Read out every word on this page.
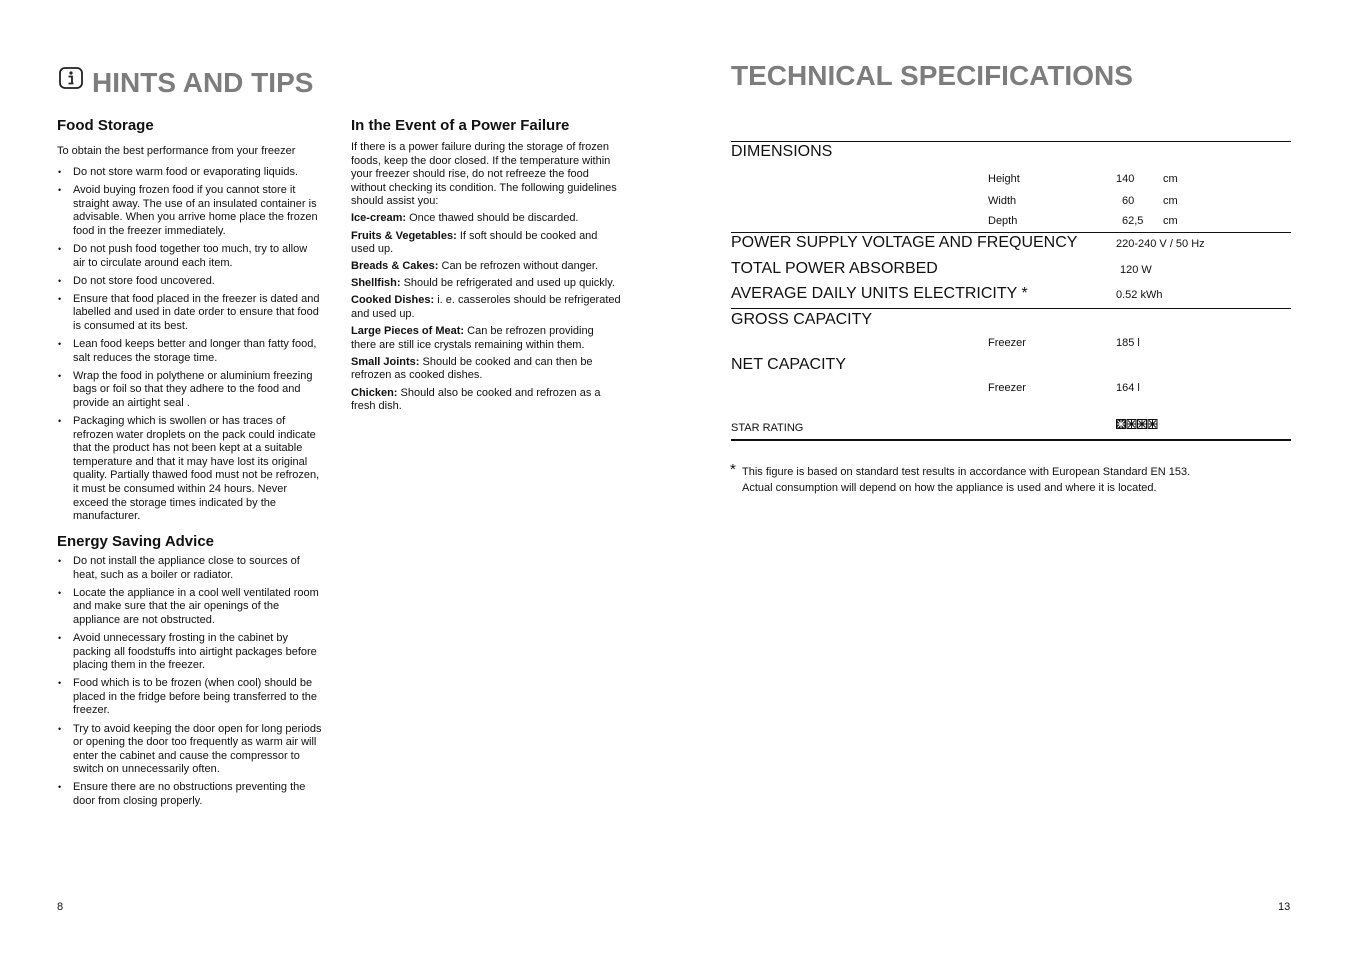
HINTS AND TIPS
Food Storage
To obtain the best performance from your freezer
• Do not store warm food or evaporating liquids.
• Avoid buying frozen food if you cannot store it straight away. The use of an insulated container is advisable. When you arrive home place the frozen food in the freezer immediately.
• Do not push food together too much, try to allow air to circulate around each item.
• Do not store food uncovered.
• Ensure that food placed in the freezer is dated and labelled and used in date order to ensure that food is consumed at its best.
• Lean food keeps better and longer than fatty food, salt reduces the storage time.
• Wrap the food in polythene or aluminium freezing bags or foil so that they adhere to the food and provide an airtight seal .
• Packaging which is swollen or has traces of refrozen water droplets on the pack could indicate that the product has not been kept at a suitable temperature and that it may have lost its original quality. Partially thawed food must not be refrozen, it must be consumed within 24 hours. Never exceed the storage times indicated by the manufacturer.
Energy Saving Advice
• Do not install the appliance close to sources of heat, such as a boiler or radiator.
• Locate the appliance in a cool well ventilated room and make sure that the air openings of the appliance are not obstructed.
• Avoid unnecessary frosting in the cabinet by packing all foodstuffs into airtight packages before placing them in the freezer.
• Food which is to be frozen (when cool) should be placed in the fridge before being transferred to the freezer.
• Try to avoid keeping the door open for long periods or opening the door too frequently as warm air will enter the cabinet and cause the compressor to switch on unnecessarily often.
• Ensure there are no obstructions preventing the door from closing properly.
In the Event of a Power Failure

If there is a power failure during the storage of frozen foods, keep the door closed. If the temperature within your freezer should rise, do not refreeze the food without checking its condition. The following guidelines should assist you:

Ice-cream: Once thawed should be discarded.

Fruits & Vegetables: If soft should be cooked and used up.

Breads & Cakes: Can be refrozen without danger.

Shellfish: Should be refrigerated and used up quickly.

Cooked Dishes: i. e. casseroles should be refrigerated and used up.

Large Pieces of Meat: Can be refrozen providing there are still ice crystals remaining within them.

Small Joints: Should be cooked and can then be refrozen as cooked dishes.

Chicken: Should also be cooked and refrozen as a fresh dish.

8
TECHNICAL SPECIFICATIONS
DIMENSIONS
Height	140	cm
Width	60	cm
Depth	62,5 cm
POWER SUPPLY VOLTAGE AND FREQUENCY	220-240 V / 50 Hz
TOTAL POWER ABSORBED	120 W
AVERAGE DAILY UNITS ELECTRICITY *	0.52 kWh
GROSS CAPACITY
Freezer	185 l
NET CAPACITY
Freezer	164 l
STAR RATING
* This figure is based on standard test results in accordance with European Standard EN 153.
Actual consumption will depend on how the appliance is used and where it is located.
13
